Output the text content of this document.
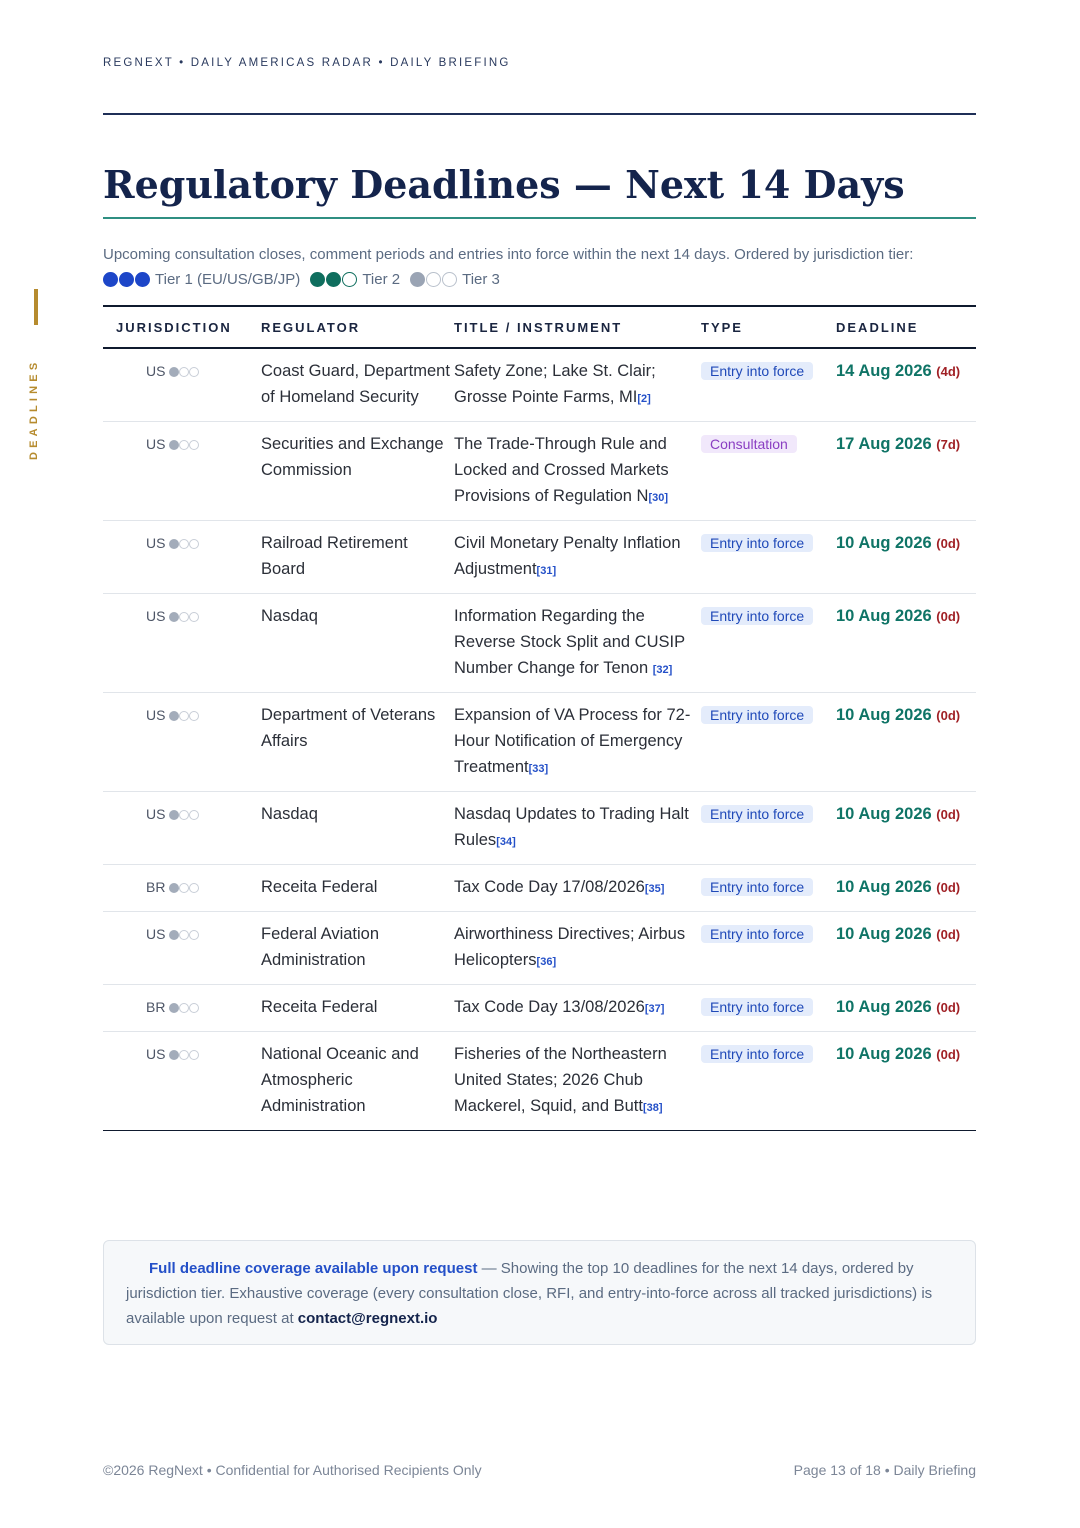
REGNEXT • DAILY AMERICAS RADAR • DAILY BRIEFING
DEADLINES
Regulatory Deadlines — Next 14 Days
Upcoming consultation closes, comment periods and entries into force within the next 14 days. Ordered by jurisdiction tier:
Tier 1 (EU/US/GB/JP)	Tier 2	Tier 3
JURISDICTION	REGULATOR	TITLE / INSTRUMENT	TYPE	DEADLINE
US	Coast Guard, Department of Homeland Security	Safety Zone; Lake St. Clair; Grosse Pointe Farms, MI[2]	Entry into force	14 Aug 2026 (4d)
US	Securities and Exchange Commission	The Trade-Through Rule and Locked and Crossed Markets Provisions of Regulation N[30]	Consultation	17 Aug 2026 (7d)
US	Railroad Retirement Board	Civil Monetary Penalty Inflation Adjustment[31]	Entry into force	10 Aug 2026 (0d)
US	Nasdaq	Information Regarding the Reverse Stock Split and CUSIP Number Change for Tenon [32]	Entry into force	10 Aug 2026 (0d)
US	Department of Veterans Affairs	Expansion of VA Process for 72-Hour Notification of Emergency Treatment[33]	Entry into force	10 Aug 2026 (0d)
US	Nasdaq	Nasdaq Updates to Trading Halt Rules[34]	Entry into force	10 Aug 2026 (0d)
BR	Receita Federal	Tax Code Day 17/08/2026[35]	Entry into force	10 Aug 2026 (0d)
US	Federal Aviation Administration	Airworthiness Directives; Airbus Helicopters[36]	Entry into force	10 Aug 2026 (0d)
BR	Receita Federal	Tax Code Day 13/08/2026[37]	Entry into force	10 Aug 2026 (0d)
US	National Oceanic and Atmospheric Administration	Fisheries of the Northeastern United States; 2026 Chub Mackerel, Squid, and Butt[38]	Entry into force	10 Aug 2026 (0d)
Full deadline coverage available upon request — Showing the top 10 deadlines for the next 14 days, ordered by jurisdiction tier. Exhaustive coverage (every consultation close, RFI, and entry-into-force across all tracked jurisdictions) is available upon request at contact@regnext.io
©2026 RegNext • Confidential for Authorised Recipients Only	Page 13 of 18 • Daily Briefing
